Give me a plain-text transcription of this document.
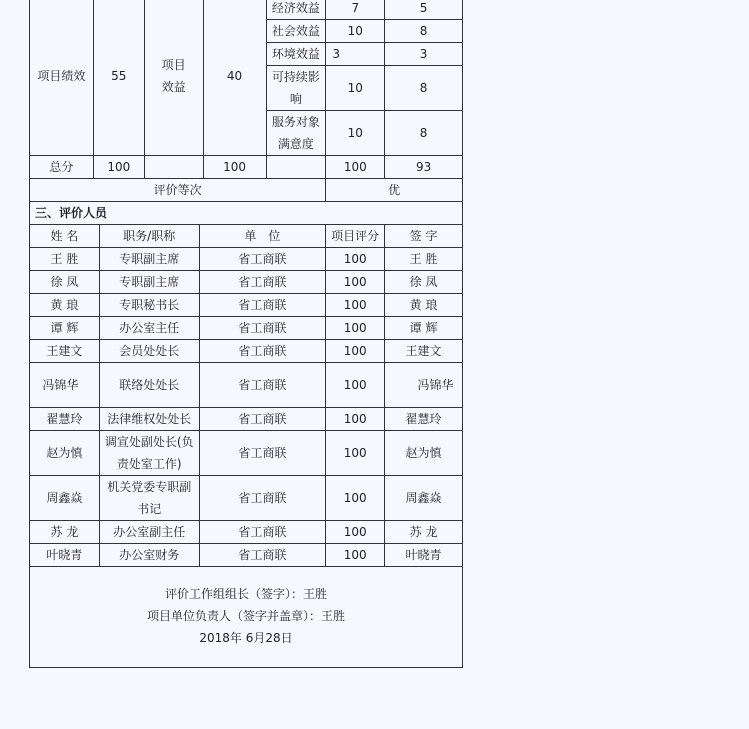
项目绩效	55	项目效益	40	经济效益	7	5
				社会效益	10	8
				环境效益	3	3
				可持续影响	10	8
				服务对象满意度	10	8
总分	100		100		100	93
评价等次			优	
三、评价人员				
姓 名	职务/职称	单　位	项目评分	签 字
王 胜	专职副主席	省工商联	100	王 胜
徐 凤	专职副主席	省工商联	100	徐 凤
黄 琅	专职秘书长	省工商联	100	黄 琅
谭 辉	办公室主任	省工商联	100	谭 辉
王建文	会员处处长	省工商联	100	王建文
冯锦华	联络处处长	省工商联	100	冯锦华
翟慧玲	法律维权处处长	省工商联	100	翟慧玲
赵为慎	调宣处副处长(负责处室工作)	省工商联	100	赵为慎
周鑫焱	机关党委专职副书记	省工商联	100	周鑫焱
苏 龙	办公室副主任	省工商联	100	苏 龙
叶晓青	办公室财务	省工商联	100	叶晓青

评价工作组组长（签字）：王胜
项目单位负责人（签字并盖章）：王胜
2018年 6月28日				
